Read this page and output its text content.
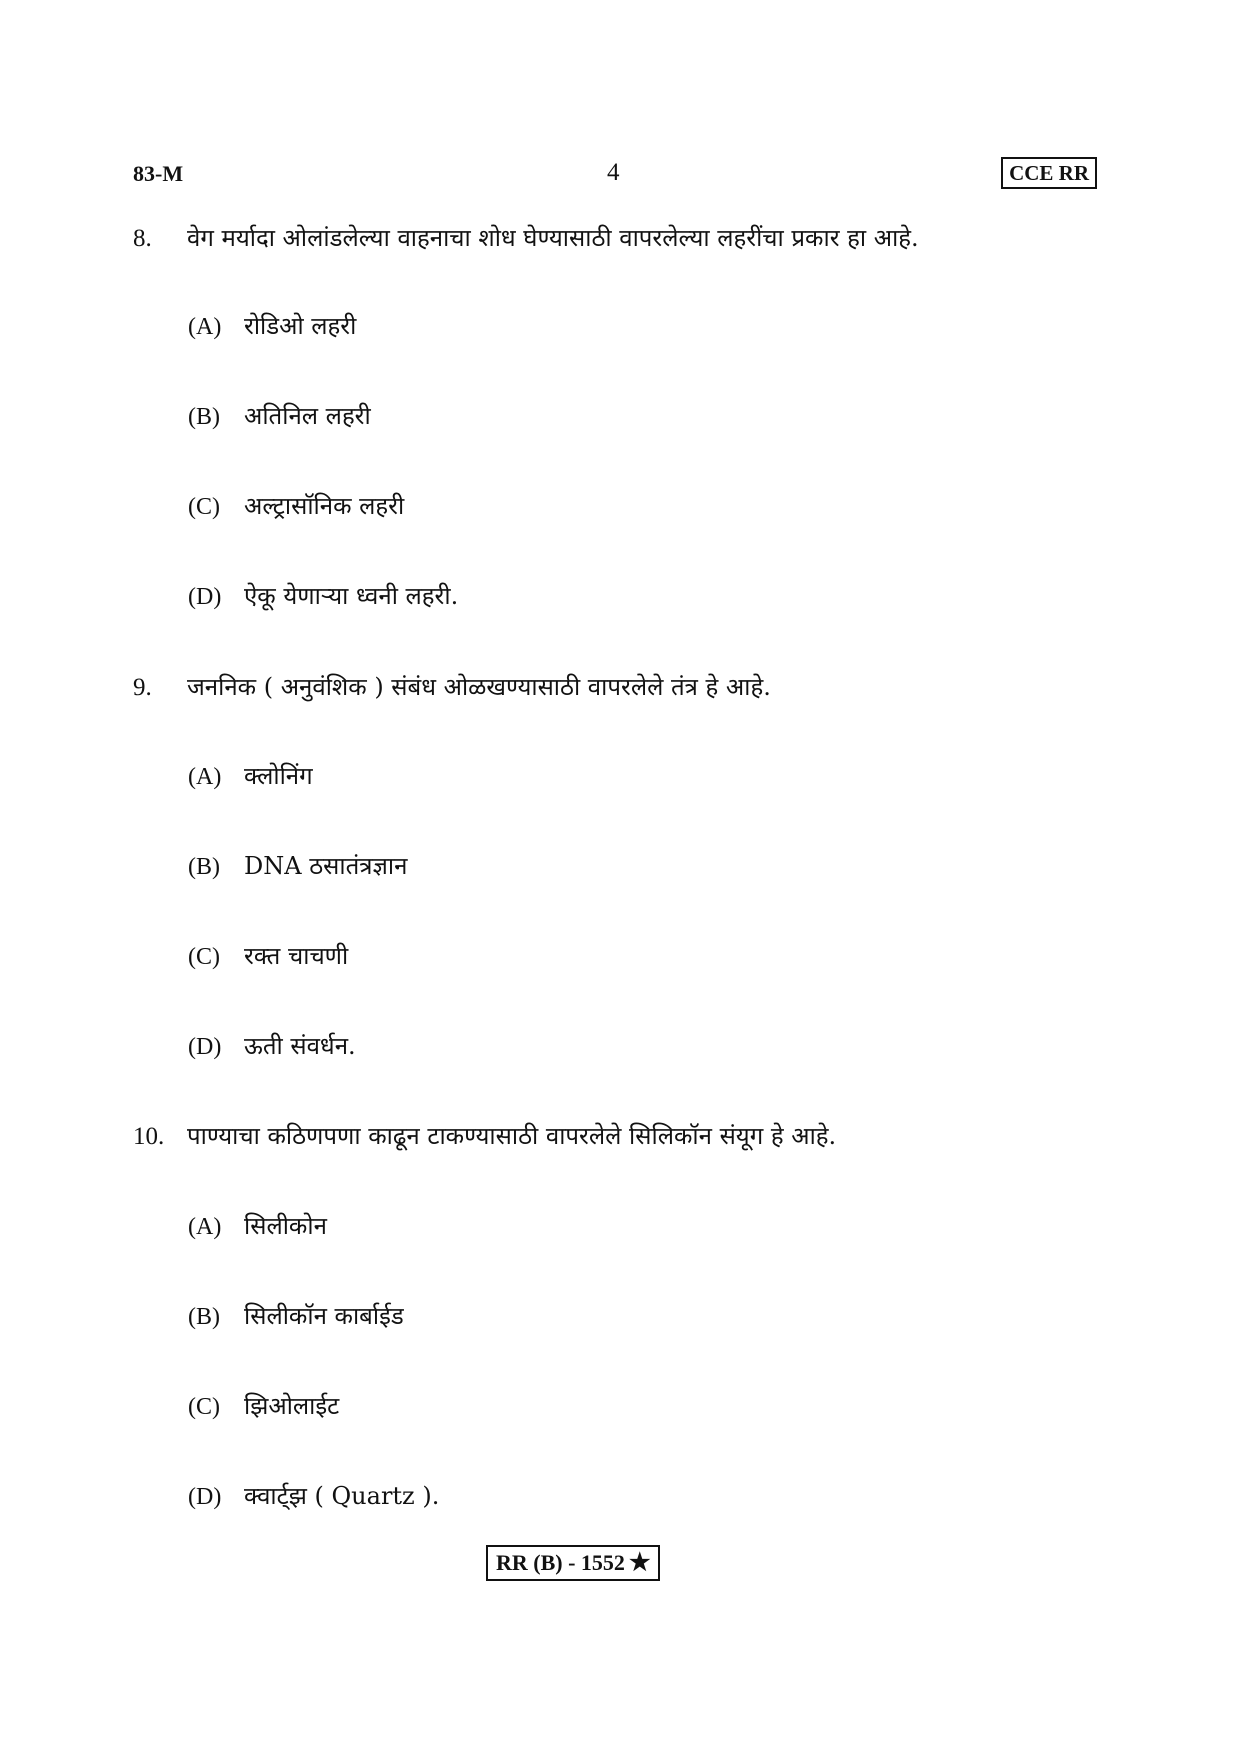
83-M	4	CCE RR
8. वेग मर्यादा ओलांडलेल्या वाहनाचा शोध घेण्यासाठी वापरलेल्या लहरींचा प्रकार हा आहे.
(A) रोडिओ लहरी
(B) अतिनिल लहरी
(C) अल्ट्रासॉनिक लहरी
(D) ऐकू येणाऱ्या ध्वनी लहरी.
9. जननिक ( अनुवंशिक ) संबंध ओळखण्यासाठी वापरलेले तंत्र हे आहे.
(A) क्लोनिंग
(B) DNA ठसातंत्रज्ञान
(C) रक्त चाचणी
(D) ऊती संवर्धन.
10. पाण्याचा कठिणपणा काढून टाकण्यासाठी वापरलेले सिलिकॉन संयूग हे आहे.
(A) सिलीकोन
(B) सिलीकॉन कार्बाईड
(C) झिओलाईट
(D) क्वार्ट्झ ( Quartz ).
RR (B) - 1552 ★
